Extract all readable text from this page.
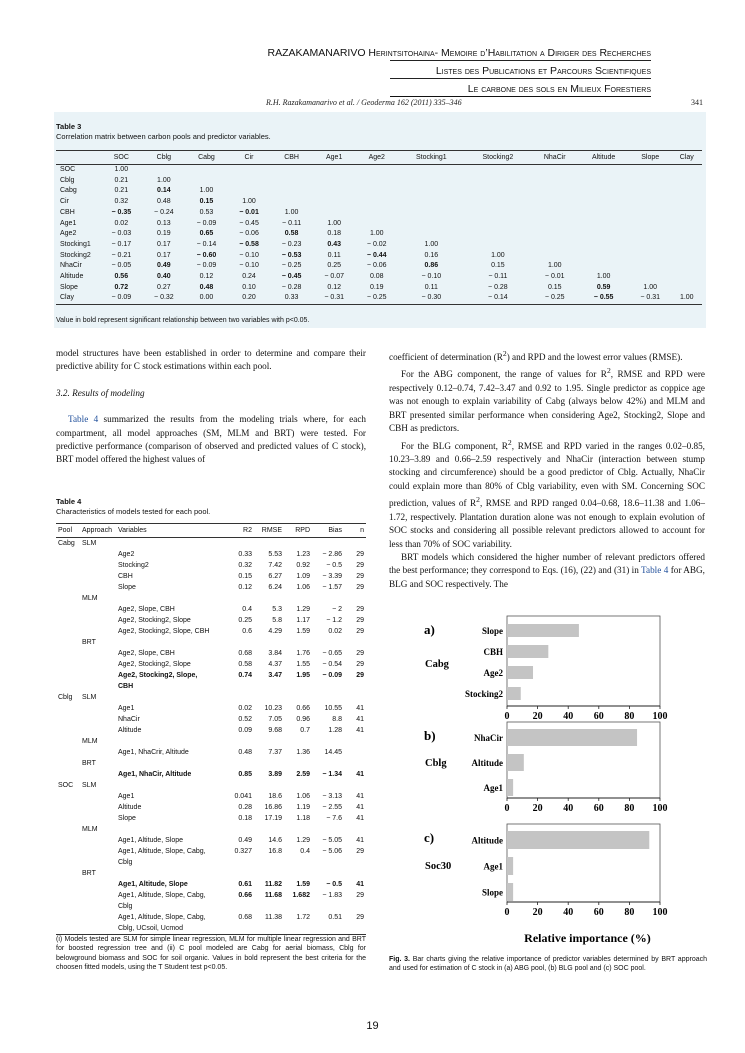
RAZAKAMANARIVO Herintsitohaina- Memoire d’Habilitation a Diriger des Recherches
Listes des Publications et Parcours Scientifiques
Le carbone des sols en Milieux Forestiers
R.H. Razakamanarivo et al. / Geoderma 162 (2011) 335–346	341
Table 3
Correlation matrix between carbon pools and predictor variables.
	SOC	Cblg	Cabg	Cir	CBH	Age1	Age2	Stocking1	Stocking2	NhaCir	Altitude	Slope	Clay
SOC	1.00												
Cblg	0.21	1.00											
Cabg	0.21	0.14	1.00										
Cir	0.32	0.48	0.15	1.00									
CBH	− 0.35	− 0.24	0.53	− 0.01	1.00								
Age1	0.02	0.13	− 0.09	− 0.45	− 0.11	1.00							
Age2	− 0.03	0.19	0.65	− 0.06	0.58	0.18	1.00						
Stocking1	− 0.17	0.17	− 0.14	− 0.58	− 0.23	0.43	− 0.02	1.00					
Stocking2	− 0.21	0.17	− 0.60	− 0.10	− 0.53	0.11	− 0.44	0.16	1.00				
NhaCir	− 0.05	0.49	− 0.09	− 0.10	− 0.25	0.25	− 0.06	0.86	0.15	1.00			
Altitude	0.56	0.40	0.12	0.24	− 0.45	− 0.07	0.08	− 0.10	− 0.11	− 0.01	1.00		
Slope	0.72	0.27	0.48	0.10	− 0.28	0.12	0.19	0.11	− 0.28	0.15	0.59	1.00	
Clay	− 0.09	− 0.32	0.00	0.20	0.33	− 0.31	− 0.25	− 0.30	− 0.14	− 0.25	− 0.55	− 0.31	1.00
Value in bold represent significant relationship between two variables with p<0.05.

model structures have been established in order to determine and compare their predictive ability for C stock estimations within each pool.

3.2. Results of modeling

Table 4 summarized the results from the modeling trials where, for each compartment, all model approaches (SM, MLM and BRT) were tested. For predictive performance (comparison of observed and predicted values of C stock), BRT model offered the highest values of

Table 4
Characteristics of models tested for each pool.
Pool	Approach	Variables	R2	RMSE	RPD	Bias	n
Cabg	SLM						
		Age2	0.33	5.53	1.23	− 2.86	29
		Stocking2	0.32	7.42	0.92	− 0.5	29
		CBH	0.15	6.27	1.09	− 3.39	29
		Slope	0.12	6.24	1.06	− 1.57	29
	MLM						
		Age2, Slope, CBH	0.4	5.3	1.29	− 2	29
		Age2, Stocking2, Slope	0.25	5.8	1.17	− 1.2	29
		Age2, Stocking2, Slope, CBH	0.6	4.29	1.59	0.02	29
	BRT						
		Age2, Slope, CBH	0.68	3.84	1.76	− 0.65	29
		Age2, Stocking2, Slope	0.58	4.37	1.55	− 0.54	29
		Age2, Stocking2, Slope,	0.74	3.47	1.95	− 0.09	29
		CBH					
Cblg	SLM						
		Age1	0.02	10.23	0.66	10.55	41
		NhaCir	0.52	7.05	0.96	8.8	41
		Altitude	0.09	9.68	0.7	1.28	41
	MLM						
		Age1, NhaCrir, Altitude	0.48	7.37	1.36	14.45	
	BRT						
		Age1, NhaCir, Altitude	0.85	3.89	2.59	− 1.34	41
SOC	SLM						
		Age1	0.041	18.6	1.06	− 3.13	41
		Altitude	0.28	16.86	1.19	− 2.55	41
		Slope	0.18	17.19	1.18	− 7.6	41
	MLM						
		Age1, Altitude, Slope	0.49	14.6	1.29	− 5.05	41
		Age1, Altitude, Slope, Cabg,	0.327	16.8	0.4	− 5.06	29
		Cblg					
	BRT						
		Age1, Altitude, Slope	0.61	11.82	1.59	− 0.5	41
		Age1, Altitude, Slope, Cabg,	0.66	11.68	1.682	− 1.83	29
		Cblg					
		Age1, Altitude, Slope, Cabg,	0.68	11.38	1.72	0.51	29
		Cblg, UCsoil, Ucmod					
(i) Models tested are SLM for simple linear regression, MLM for multiple linear regression and BRT for boosted regression tree and (ii) C pool modeled are Cabg for aerial biomass, Cblg for belowground biomass and SOC for soil organic. Values in bold represent the best criteria for the choosen fitted models, using the T Student test p<0.05.

coefficient of determination $(R^2)$ and RPD and the lowest error values (RMSE).

For the ABG component, the range of values for $R^2$, RMSE and RPD were respectively 0.12–0.74, 7.42–3.47 and 0.92 to 1.95. Single predictor as coppice age was not enough to explain variability of Cabg (always below 42%) and MLM and BRT presented similar performance when considering Age2, Stocking2, Slope and CBH as predictors.

For the BLG component, $R^2$, RMSE and RPD varied in the ranges 0.02–0.85, 10.23–3.89 and 0.66–2.59 respectively and NhaCir (interaction between stump stocking and circumference) should be a good predictor of Cblg. Actually, NhaCir could explain more than 80% of Cblg variability, even with SM. Concerning SOC prediction, values of $R^2$, RMSE and RPD ranged 0.04–0.68, 18.6–11.38 and 1.06–1.72, respectively. Plantation duration alone was not enough to explain evolution of SOC stocks and considering all possible relevant predictors allowed to account for less than 70% of SOC variability.

BRT models which considered the higher number of relevant predictors offered the best performance; they correspond to Eqs. (16), (22) and (31) in Table 4 for ABG, BLG and SOC respectively. The

a)
Cabg
Slope
CBH
Age2
Stocking2
0 20 40 60 80 100
b)
Cblg
NhaCir
Altitude
Age1
0 20 40 60 80 100
c)
Soc30
Altitude
Age1
Slope
0 20 40 60 80 100
Relative importance (%)
Fig. 3. Bar charts giving the relative importance of predictor variables determined by BRT approach and used for estimation of C stock in (a) ABG pool, (b) BLG pool and (c) SOC pool.
19
